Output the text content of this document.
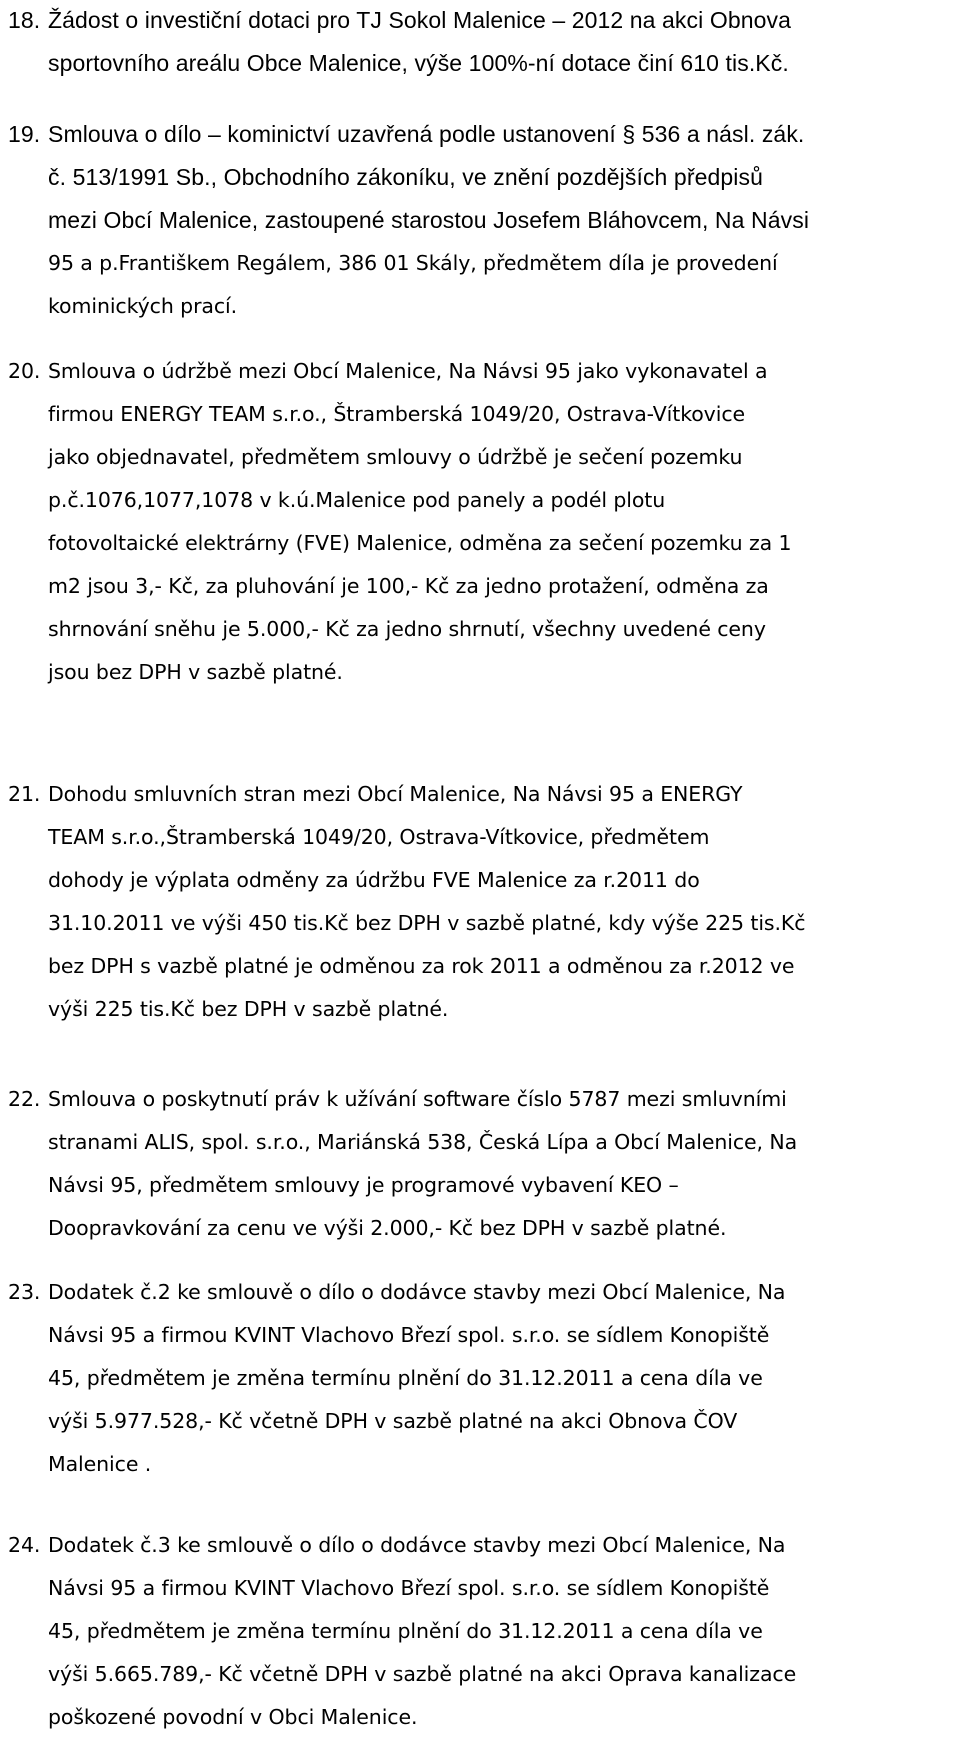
18. Žádost o investiční dotaci pro TJ Sokol Malenice – 2012 na akci Obnova
sportovního areálu Obce Malenice, výše 100%-ní dotace činí 610 tis.Kč.
19. Smlouva o dílo – kominictví uzavřená podle ustanovení § 536 a násl. zák.
č. 513/1991 Sb., Obchodního zákoníku, ve znění pozdějších předpisů
mezi Obcí Malenice, zastoupené starostou Josefem Bláhovcem, Na Návsi
95 a p.Františkem Regálem, 386 01 Skály, předmětem díla je provedení
kominických prací.
20. Smlouva o údržbě mezi Obcí Malenice, Na Návsi 95 jako vykonavatel a
firmou ENERGY TEAM s.r.o., Štramberská 1049/20, Ostrava-Vítkovice
jako objednavatel, předmětem smlouvy o údržbě je sečení pozemku
p.č.1076,1077,1078 v k.ú.Malenice pod panely a podél plotu
fotovoltaické elektrárny (FVE) Malenice, odměna za sečení pozemku za 1
m2 jsou 3,- Kč, za pluhování je 100,- Kč za jedno protažení, odměna za
shrnování sněhu je 5.000,- Kč za jedno shrnutí, všechny uvedené ceny
jsou bez DPH v sazbě platné.
21. Dohodu smluvních stran mezi Obcí Malenice, Na Návsi 95 a ENERGY
TEAM s.r.o.,Štramberská 1049/20, Ostrava-Vítkovice, předmětem
dohody je výplata odměny za údržbu FVE Malenice za r.2011 do
31.10.2011 ve výši 450 tis.Kč bez DPH v sazbě platné, kdy výše 225 tis.Kč
bez DPH s vazbě platné je odměnou za rok 2011 a odměnou za r.2012 ve
výši 225 tis.Kč bez DPH v sazbě platné.
22. Smlouva o poskytnutí práv k užívání software číslo 5787 mezi smluvními
stranami ALIS, spol. s.r.o., Mariánská 538, Česká Lípa a Obcí Malenice, Na
Návsi 95, předmětem smlouvy je programové vybavení KEO –
Doopravkování za cenu ve výši 2.000,- Kč bez DPH v sazbě platné.
23. Dodatek č.2 ke smlouvě o dílo o dodávce stavby mezi Obcí Malenice, Na
Návsi 95 a firmou KVINT Vlachovo Březí spol. s.r.o. se sídlem Konopiště
45, předmětem je změna termínu plnění do 31.12.2011 a cena díla ve
výši 5.977.528,- Kč včetně DPH v sazbě platné na akci Obnova ČOV
Malenice .
24. Dodatek č.3 ke smlouvě o dílo o dodávce stavby mezi Obcí Malenice, Na
Návsi 95 a firmou KVINT Vlachovo Březí spol. s.r.o. se sídlem Konopiště
45, předmětem je změna termínu plnění do 31.12.2011 a cena díla ve
výši 5.665.789,- Kč včetně DPH v sazbě platné na akci Oprava kanalizace
poškozené povodní v Obci Malenice.
